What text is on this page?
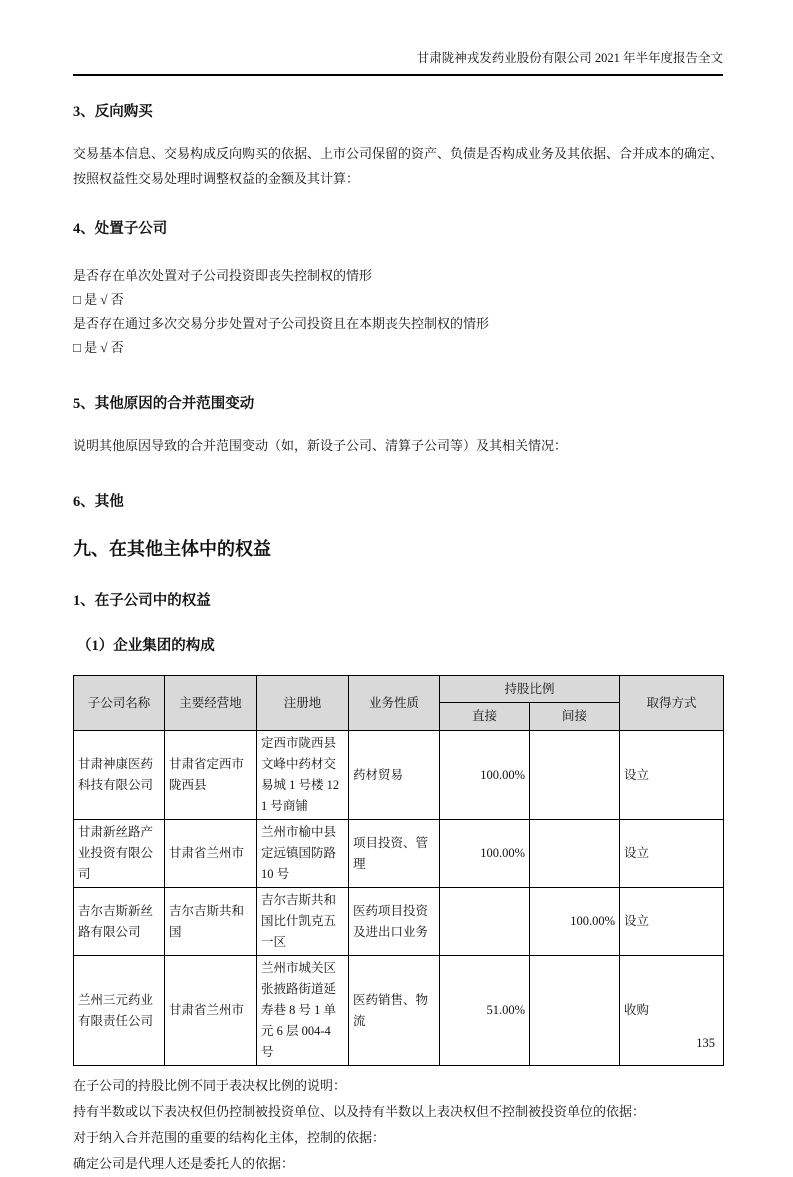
甘肃陇神戎发药业股份有限公司 2021 年半年度报告全文
3、反向购买

交易基本信息、交易构成反向购买的依据、上市公司保留的资产、负债是否构成业务及其依据、合并成本的确定、按照权益性交易处理时调整权益的金额及其计算：

4、处置子公司

是否存在单次处置对子公司投资即丧失控制权的情形

□ 是 √ 否

是否存在通过多次交易分步处置对子公司投资且在本期丧失控制权的情形

□ 是 √ 否

5、其他原因的合并范围变动

说明其他原因导致的合并范围变动（如，新设子公司、清算子公司等）及其相关情况：

6、其他
九、在其他主体中的权益
1、在子公司中的权益
（1）企业集团的构成
子公司名称	主要经营地	注册地	业务性质	持股比例		取得方式
				直接	间接	
甘肃神康医药科技有限公司	甘肃省定西市陇西县	定西市陇西县文峰中药材交易城 1 号楼 121 号商铺	药材贸易	100.00%		设立
甘肃新丝路产业投资有限公司	甘肃省兰州市	兰州市榆中县定远镇国防路 10 号	项目投资、管理	100.00%		设立
吉尔吉斯新丝路有限公司	吉尔吉斯共和国	吉尔吉斯共和国比什凯克五一区	医药项目投资及进出口业务		100.00%	设立
兰州三元药业有限责任公司	甘肃省兰州市	兰州市城关区张掖路街道延寿巷 8 号 1 单元 6 层 004-4 号	医药销售、物流	51.00%		收购

在子公司的持股比例不同于表决权比例的说明：

持有半数或以下表决权但仍控制被投资单位、以及持有半数以上表决权但不控制被投资单位的依据：

对于纳入合并范围的重要的结构化主体，控制的依据：

确定公司是代理人还是委托人的依据：

135
